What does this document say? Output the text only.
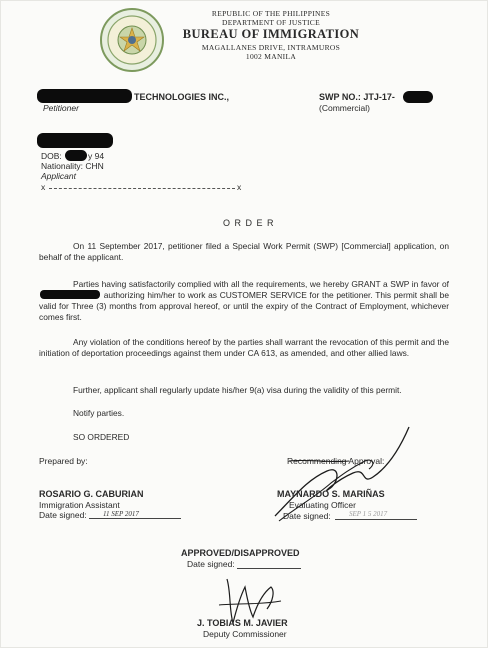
REPUBLIC OF THE PHILIPPINES
DEPARTMENT OF JUSTICE
BUREAU OF IMMIGRATION
MAGALLANES DRIVE, INTRAMUROS
1002 MANILA
TECHNOLOGIES INC.,
Petitioner
SWP NO.: JTJ-17-
(Commercial)
DOB:	y 94
Nationality: CHN
Applicant
x	x
O R D E R
On 11 September 2017, petitioner filed a Special Work Permit (SWP) [Commercial] application, on behalf of the applicant.
Parties having satisfactorily complied with all the requirements, we hereby GRANT a SWP in favor of  authorizing him/her to work as CUSTOMER SERVICE for the petitioner. This permit shall be valid for Three (3) months from approval hereof, or until the expiry of the Contract of Employment, whichever comes first.
Any violation of the conditions hereof by the parties shall warrant the revocation of this permit and the initiation of deportation proceedings against them under CA 613, as amended, and other allied laws.
Further, applicant shall regularly update his/her 9(a) visa during the validity of this permit.
Notify parties.
SO ORDERED
Prepared by:
ROSARIO G. CABURIAN
Immigration Assistant
Date signed: 11 SEP 2017
Recommending Approval:
MAYNARDO S. MARIÑAS
Evaluating Officer
Date signed:	SEP 1 5 2017
APPROVED/DISAPPROVED
Date signed:
J. TOBIAS M. JAVIER
Deputy Commissioner
